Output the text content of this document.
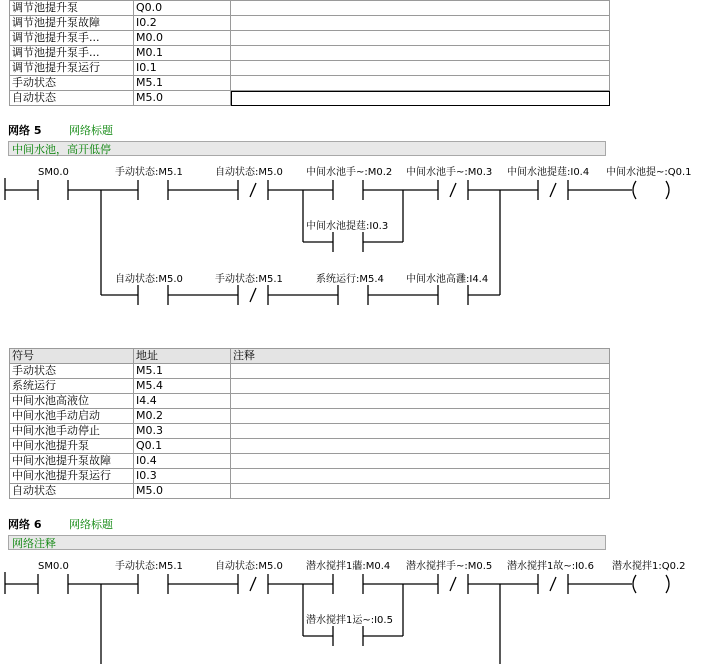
调节池提升泵	Q0.0	
调节池提升泵故障	I0.2	
调节池提升泵手...	M0.0	
调节池提升泵手...	M0.1	
调节池提升泵运行	I0.1	
手动状态	M5.1	
自动状态	M5.0	
网络 5	网络标题
中间水池，高开低停
SM0.0	手动状态:M5.1	自动状态:M5.0 中间水池手~:M0.2 中间水池手~:M0.3 中间水池提莛:I0.4 中间水池提~:Q0.1
中间水池提莛:I0.3
自动状态:M5.0	手动状态:M5.1	系统运行:M5.4 中间水池高灉:I4.4
符号	地址	注释
手动状态	M5.1	
系统运行	M5.4	
中间水池高液位	I4.4	
中间水池手动启动	M0.2	
中间水池手动停止	M0.3	
中间水池提升泵	Q0.1	
中间水池提升泵故障	I0.4	
中间水池提升泵运行	I0.3	
自动状态	M5.0	
网络 6	网络标题
网络注释
SM0.0	手动状态:M5.1	自动状态:M5.0 潜水搅拌1蘠:M0.4 潜水搅拌手~:M0.5 潜水搅拌1故~:I0.6 潜水搅拌1:Q0.2
潜水搅拌1运~:I0.5
